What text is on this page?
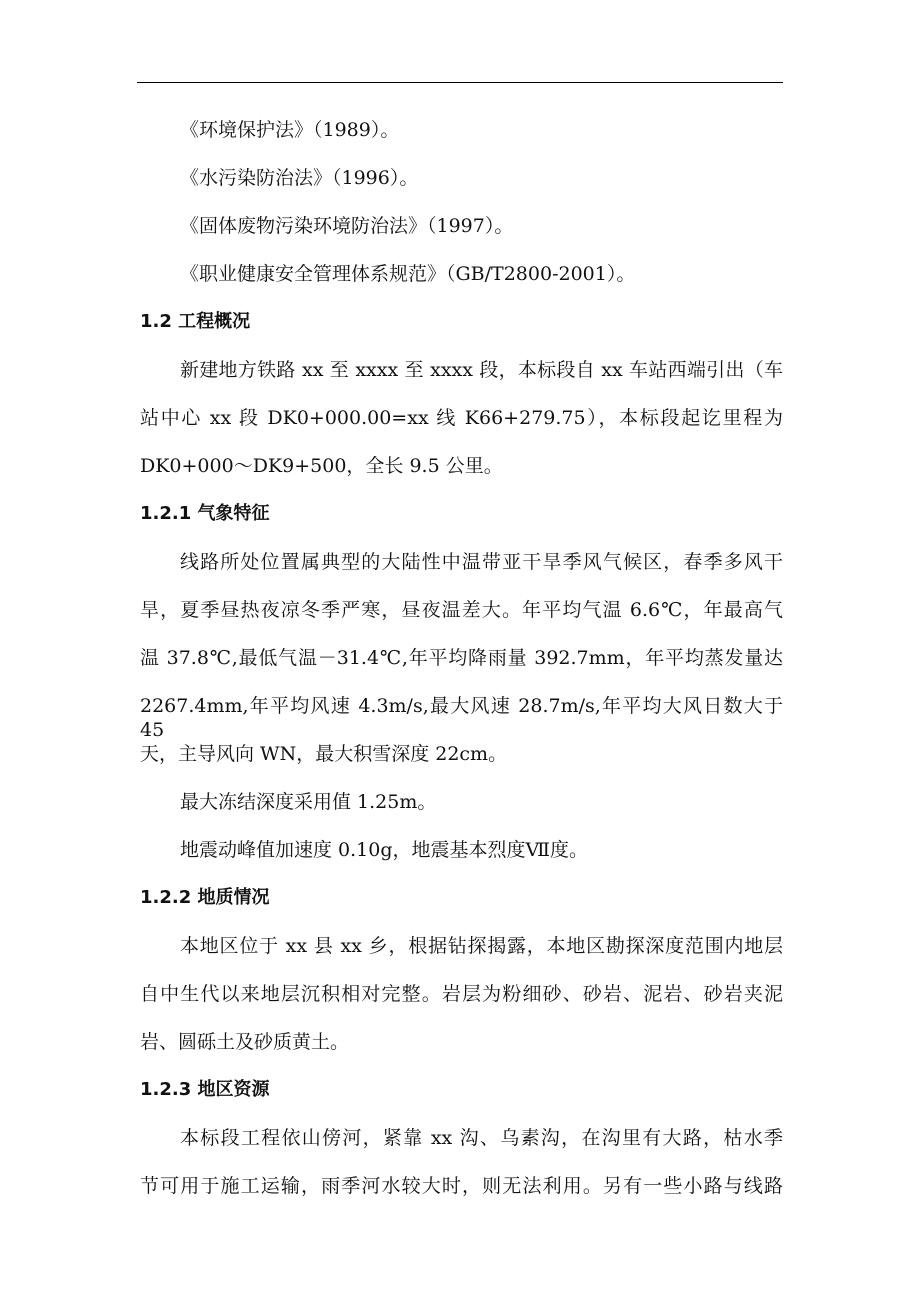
《环境保护法》（1989）。
《水污染防治法》（1996）。
《固体废物污染环境防治法》（1997）。
《职业健康安全管理体系规范》（GB/T2800-2001）。
1.2 工程概况
新建地方铁路 xx 至 xxxx 至 xxxx 段，本标段自 xx 车站西端引出（车
站中心 xx 段 DK0+000.00=xx 线 K66+279.75），本标段起讫里程为
DK0+000～DK9+500，全长 9.5 公里。
1.2.1 气象特征
线路所处位置属典型的大陆性中温带亚干旱季风气候区，春季多风干
旱，夏季昼热夜凉冬季严寒，昼夜温差大。年平均气温 6.6℃，年最高气
温 37.8℃,最低气温－31.4℃,年平均降雨量 392.7mm，年平均蒸发量达
2267.4mm,年平均风速 4.3m/s,最大风速 28.7m/s,年平均大风日数大于 45
天，主导风向 WN，最大积雪深度 22cm。
最大冻结深度采用值 1.25m。
地震动峰值加速度 0.10g，地震基本烈度Ⅶ度。
1.2.2 地质情况
本地区位于 xx 县 xx 乡，根据钻探揭露，本地区勘探深度范围内地层
自中生代以来地层沉积相对完整。岩层为粉细砂、砂岩、泥岩、砂岩夹泥
岩、圆砾土及砂质黄土。
1.2.3 地区资源
本标段工程依山傍河，紧靠 xx 沟、乌素沟，在沟里有大路，枯水季
节可用于施工运输，雨季河水较大时，则无法利用。另有一些小路与线路
